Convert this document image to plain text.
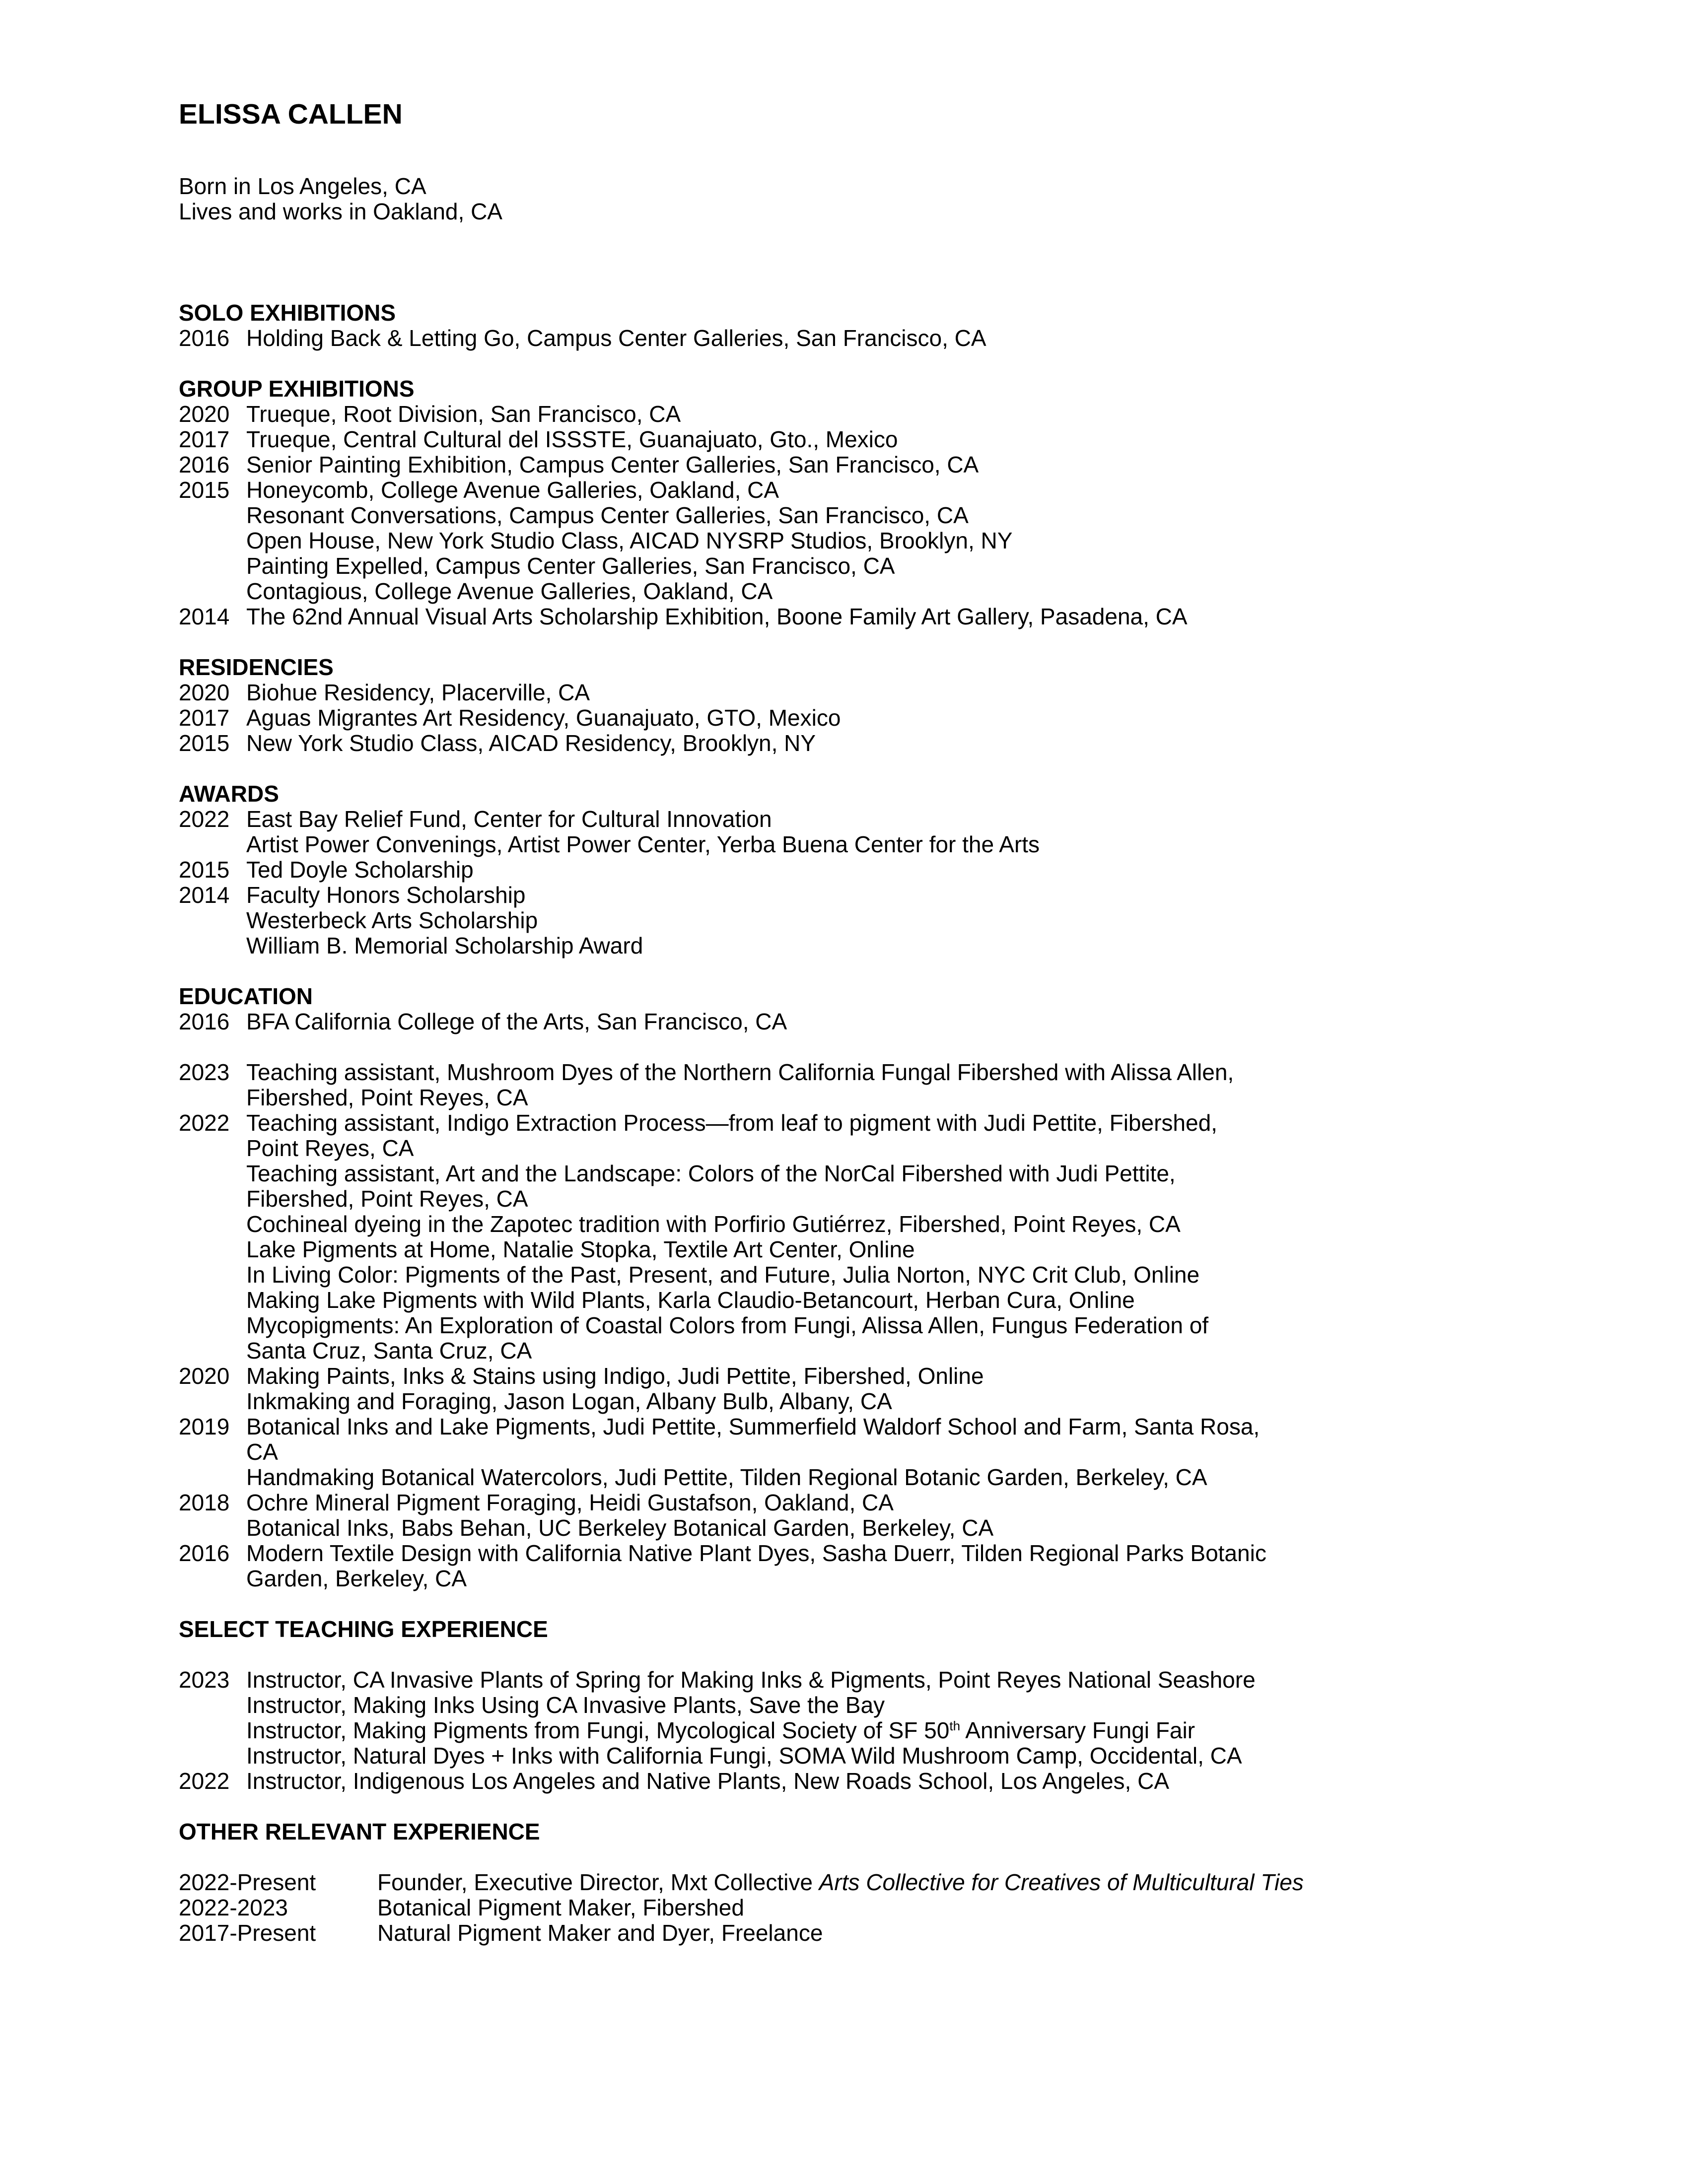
ELISSA CALLEN
Born in Los Angeles, CA
Lives and works in Oakland, CA
SOLO EXHIBITIONS
2016 Holding Back & Letting Go, Campus Center Galleries, San Francisco, CA
GROUP EXHIBITIONS
2020 Trueque, Root Division, San Francisco, CA
2017 Trueque, Central Cultural del ISSSTE, Guanajuato, Gto., Mexico
2016 Senior Painting Exhibition, Campus Center Galleries, San Francisco, CA
2015 Honeycomb, College Avenue Galleries, Oakland, CA
Resonant Conversations, Campus Center Galleries, San Francisco, CA
Open House, New York Studio Class, AICAD NYSRP Studios, Brooklyn, NY
Painting Expelled, Campus Center Galleries, San Francisco, CA
Contagious, College Avenue Galleries, Oakland, CA
2014 The 62nd Annual Visual Arts Scholarship Exhibition, Boone Family Art Gallery, Pasadena, CA
RESIDENCIES
2020 Biohue Residency, Placerville, CA
2017 Aguas Migrantes Art Residency, Guanajuato, GTO, Mexico
2015 New York Studio Class, AICAD Residency, Brooklyn, NY
AWARDS
2022 East Bay Relief Fund, Center for Cultural Innovation
Artist Power Convenings, Artist Power Center, Yerba Buena Center for the Arts
2015 Ted Doyle Scholarship
2014 Faculty Honors Scholarship
Westerbeck Arts Scholarship
William B. Memorial Scholarship Award
EDUCATION
2016 BFA California College of the Arts, San Francisco, CA
2023 Teaching assistant, Mushroom Dyes of the Northern California Fungal Fibershed with Alissa Allen,
Fibershed, Point Reyes, CA
2022 Teaching assistant, Indigo Extraction Process—from leaf to pigment with Judi Pettite, Fibershed,
Point Reyes, CA
Teaching assistant, Art and the Landscape: Colors of the NorCal Fibershed with Judi Pettite,
Fibershed, Point Reyes, CA
Cochineal dyeing in the Zapotec tradition with Porfirio Gutiérrez, Fibershed, Point Reyes, CA
Lake Pigments at Home, Natalie Stopka, Textile Art Center, Online
In Living Color: Pigments of the Past, Present, and Future, Julia Norton, NYC Crit Club, Online
Making Lake Pigments with Wild Plants, Karla Claudio-Betancourt, Herban Cura, Online
Mycopigments: An Exploration of Coastal Colors from Fungi, Alissa Allen, Fungus Federation of
Santa Cruz, Santa Cruz, CA
2020 Making Paints, Inks & Stains using Indigo, Judi Pettite, Fibershed, Online
Inkmaking and Foraging, Jason Logan, Albany Bulb, Albany, CA
2019 Botanical Inks and Lake Pigments, Judi Pettite, Summerfield Waldorf School and Farm, Santa Rosa,
CA
Handmaking Botanical Watercolors, Judi Pettite, Tilden Regional Botanic Garden, Berkeley, CA
2018 Ochre Mineral Pigment Foraging, Heidi Gustafson, Oakland, CA
Botanical Inks, Babs Behan, UC Berkeley Botanical Garden, Berkeley, CA
2016 Modern Textile Design with California Native Plant Dyes, Sasha Duerr, Tilden Regional Parks Botanic
Garden, Berkeley, CA
SELECT TEACHING EXPERIENCE
2023 Instructor, CA Invasive Plants of Spring for Making Inks & Pigments, Point Reyes National Seashore
Instructor, Making Inks Using CA Invasive Plants, Save the Bay
Instructor, Making Pigments from Fungi, Mycological Society of SF 50th Anniversary Fungi Fair
Instructor, Natural Dyes + Inks with California Fungi, SOMA Wild Mushroom Camp, Occidental, CA
2022 Instructor, Indigenous Los Angeles and Native Plants, New Roads School, Los Angeles, CA
OTHER RELEVANT EXPERIENCE
2022-Present	Founder, Executive Director, Mxt Collective Arts Collective for Creatives of Multicultural Ties
2022-2023	Botanical Pigment Maker, Fibershed
2017-Present	Natural Pigment Maker and Dyer, Freelance
